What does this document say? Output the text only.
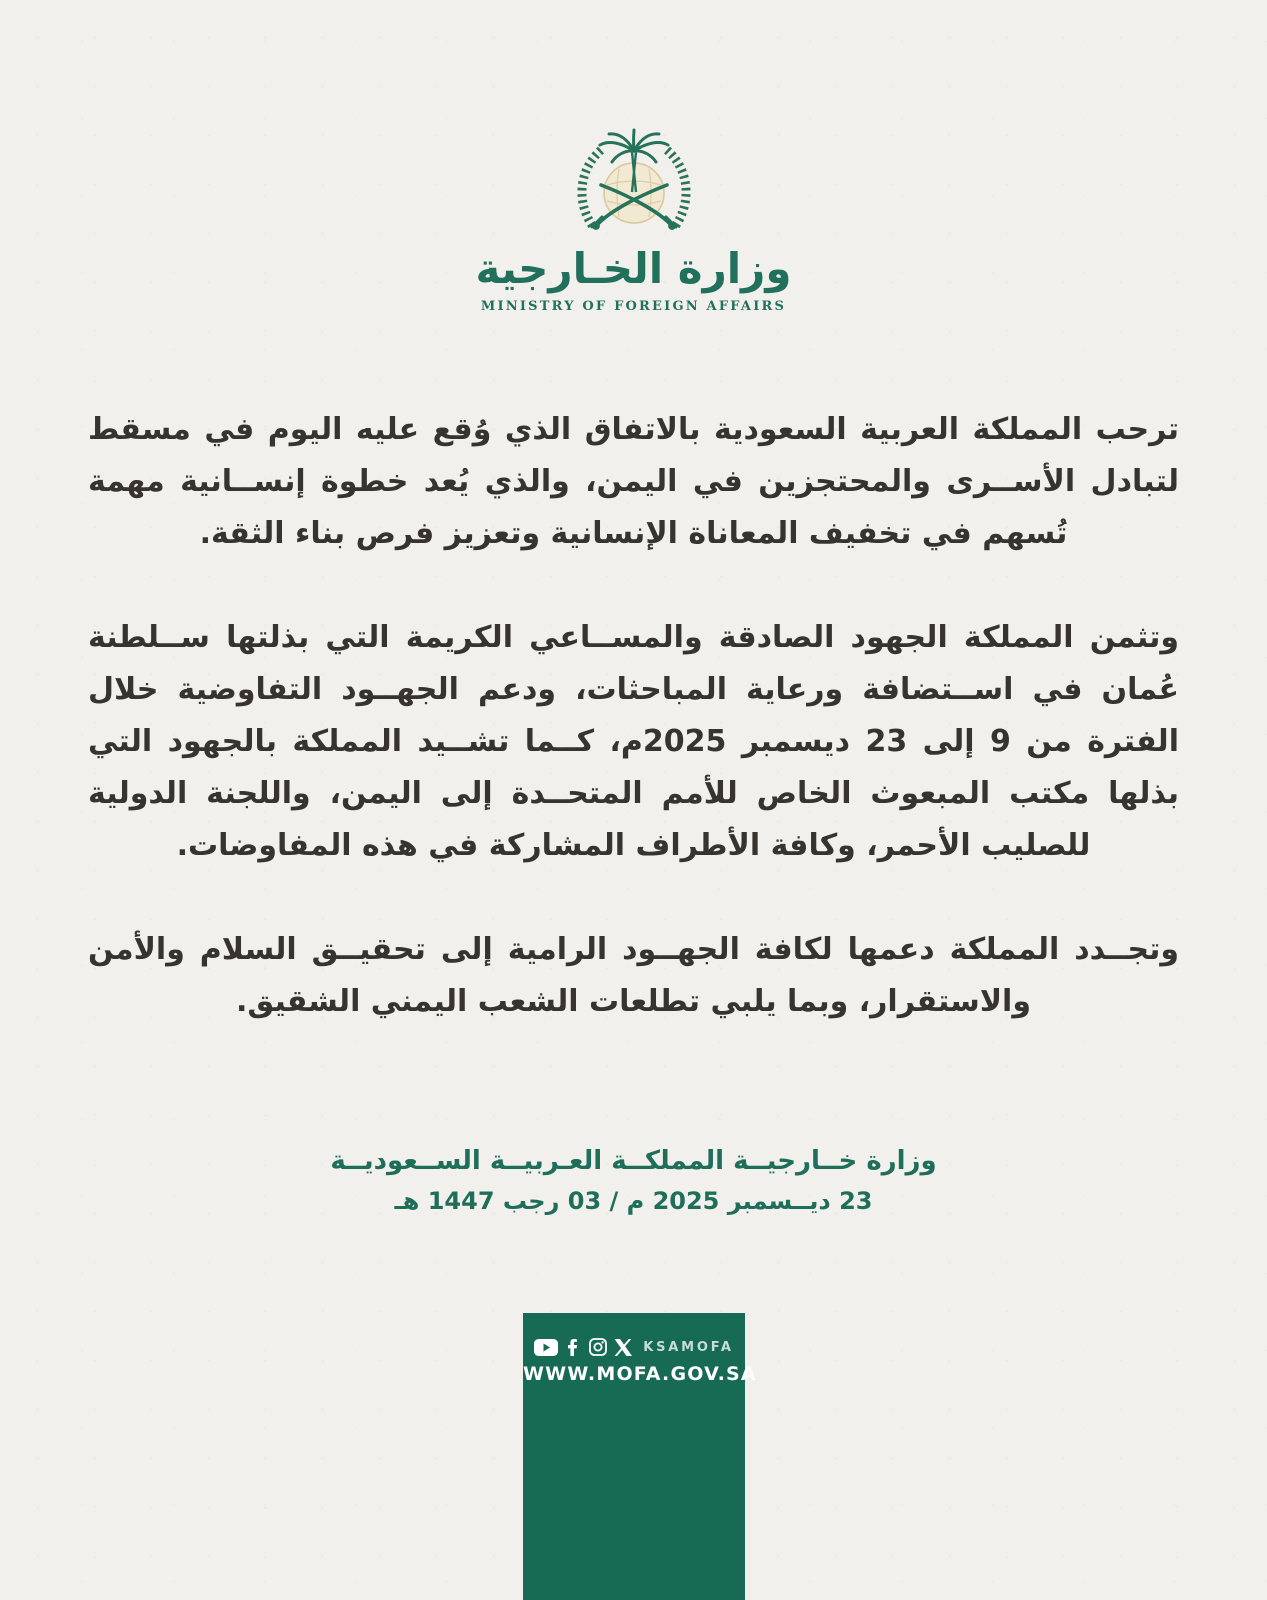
وزارة الخـارجية
MINISTRY OF FOREIGN AFFAIRS

ترحب المملكة العربية السعودية بالاتفاق الذي وُقع عليه اليوم في مسقط
لتبادل الأســرى والمحتجزين في اليمن، والذي يُعد خطوة إنســانية مهمة
تُسهم في تخفيف المعاناة الإنسانية وتعزيز فرص بناء الثقة.

وتثمن المملكة الجهود الصادقة والمســاعي الكريمة التي بذلتها ســلطنة
عُمان في اســتضافة ورعاية المباحثات، ودعم الجهــود التفاوضية خلال
الفترة من 9 إلى 23 ديسمبر 2025م، كــما تشــيد المملكة بالجهود التي
بذلها مكتب المبعوث الخاص للأمم المتحــدة إلى اليمن، واللجنة الدولية
للصليب الأحمر، وكافة الأطراف المشاركة في هذه المفاوضات.

وتجــدد المملكة دعمها لكافة الجهــود الرامية إلى تحقيــق السلام والأمن
والاستقرار، وبما يلبي تطلعات الشعب اليمني الشقيق.

وزارة خــارجيــة المملكــة العـربيــة الســعوديــة
23 ديــسمبر 2025 م / 03 رجب 1447 هـ
KSAMOFA
WWW.MOFA.GOV.SA
